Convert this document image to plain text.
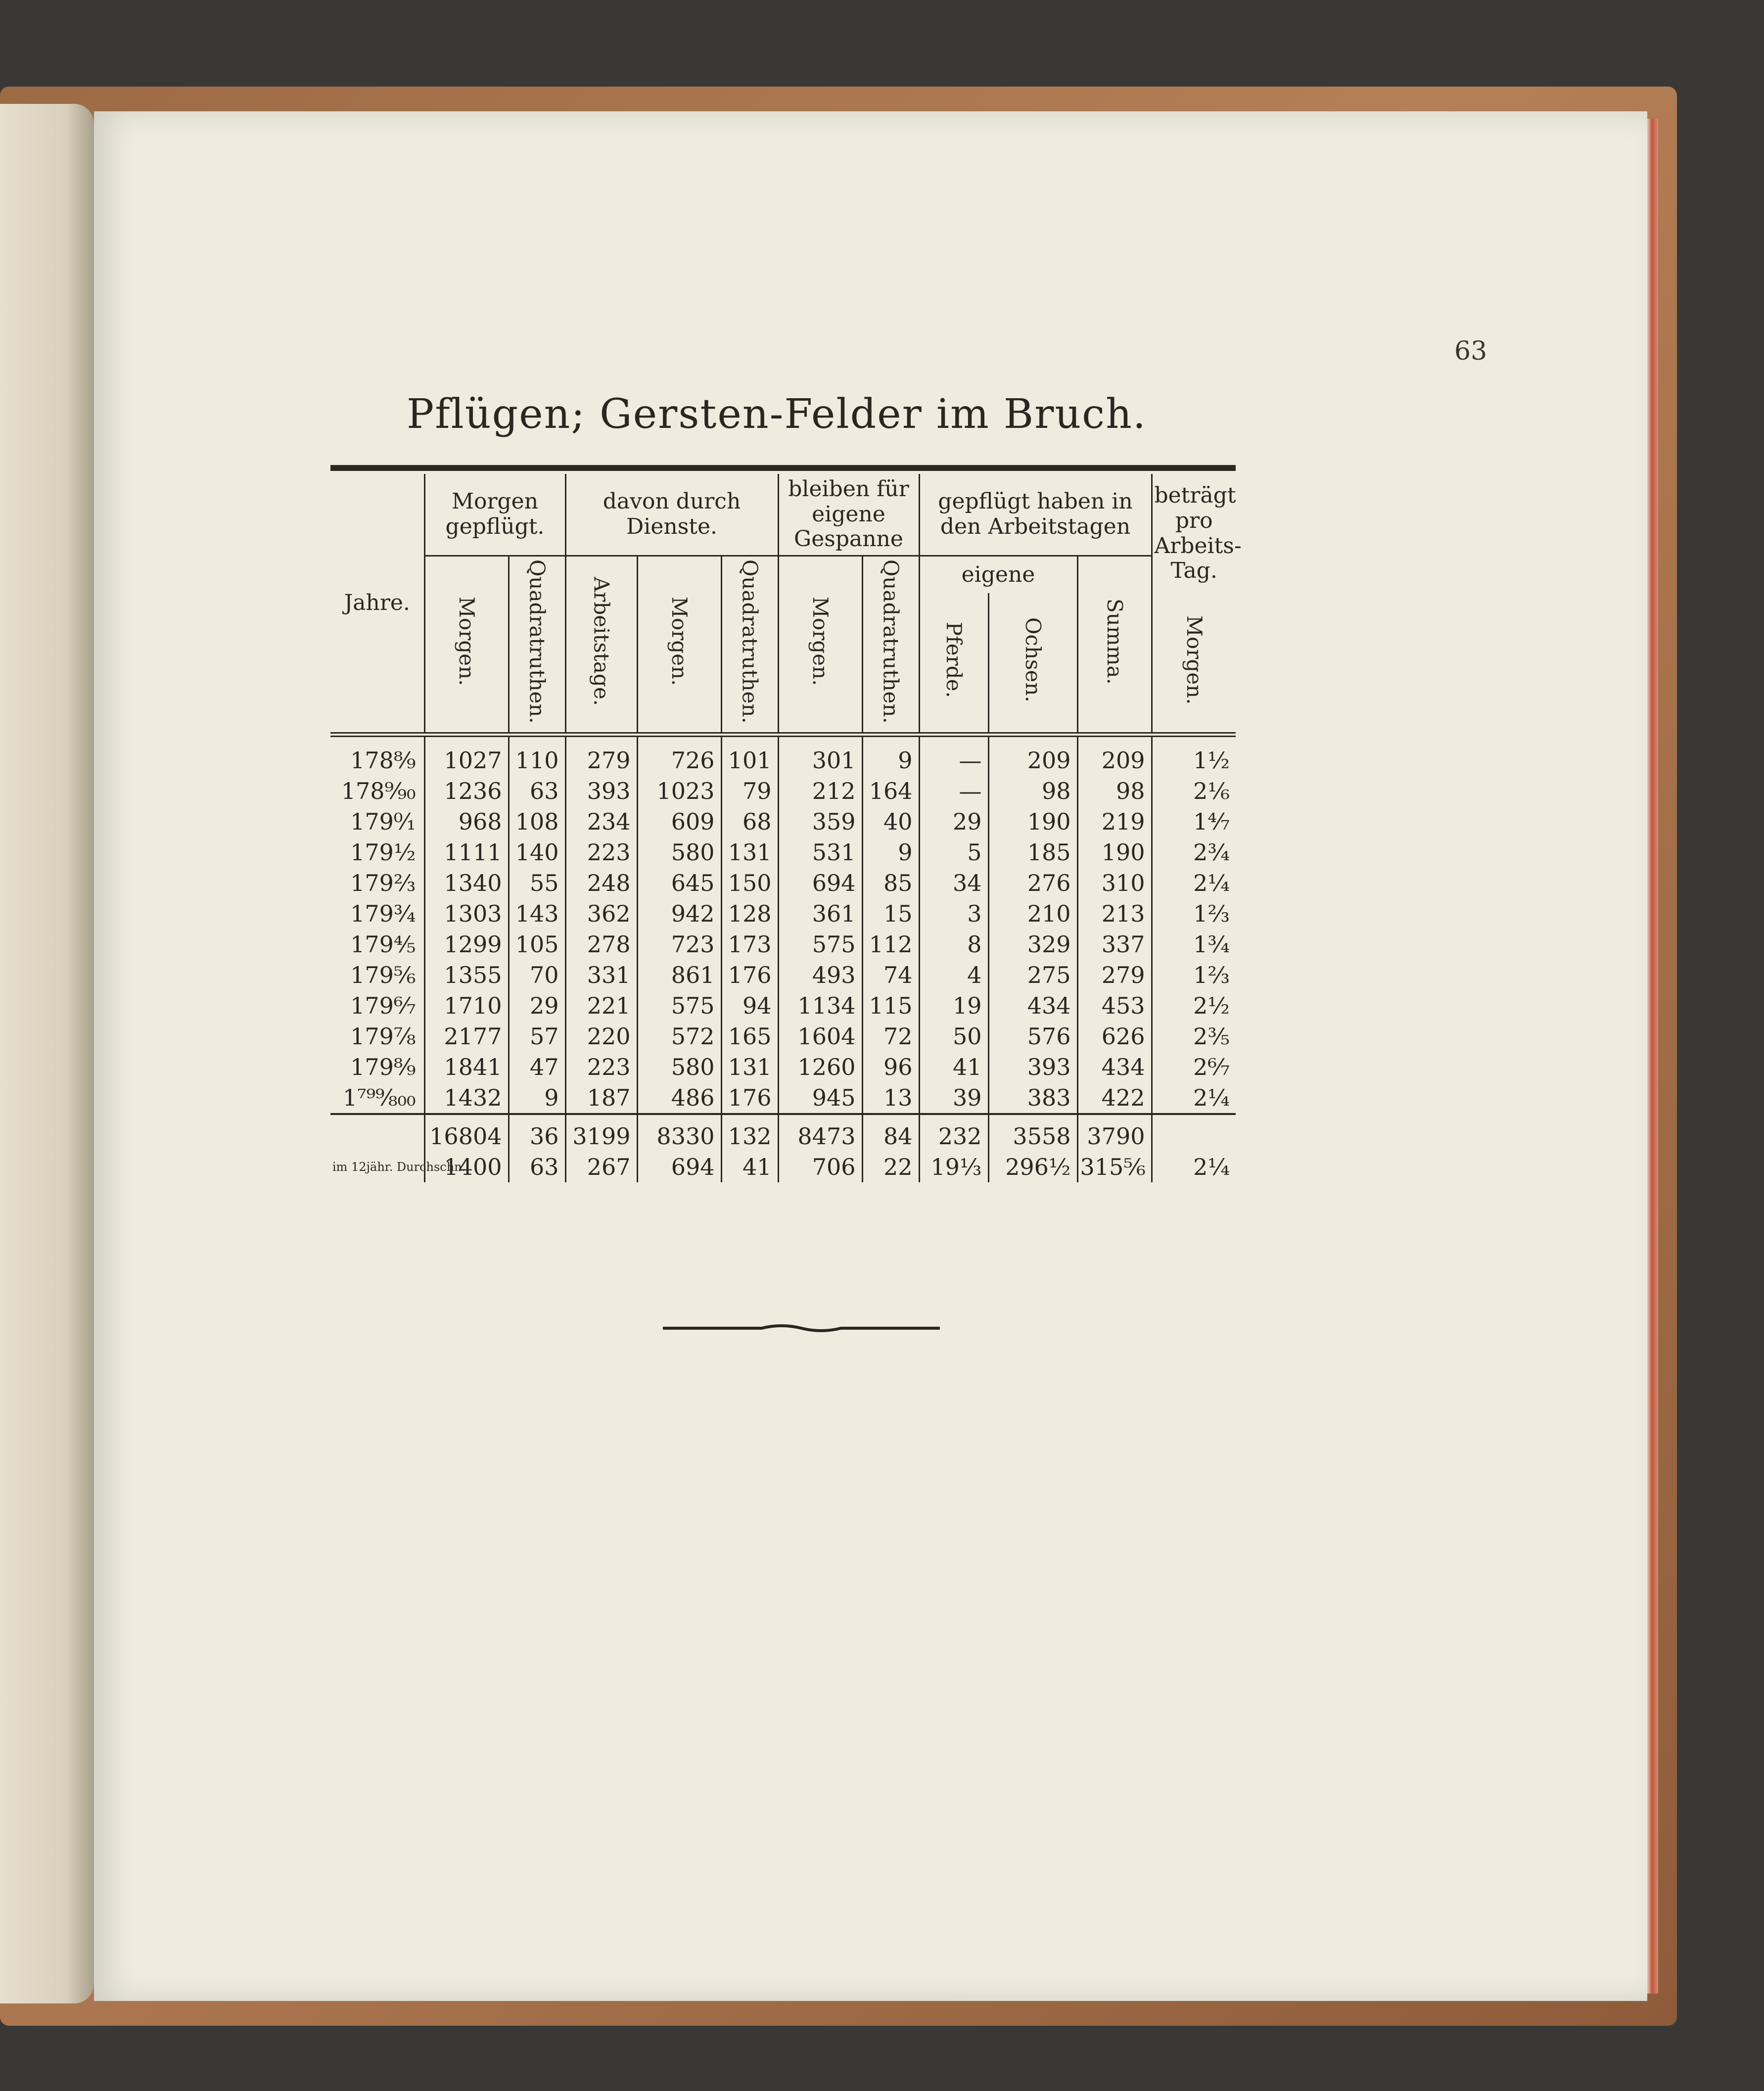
63
Pflügen; Gersten-Felder im Bruch.
Jahre.	Morgen gepflügt.		davon durch Dienste.			bleiben für eigene Gespanne		gepflügt haben in den Arbeitstagen			beträgt pro Arbeits-Tag.
	Morgen.	Quadratruthen.	Arbeitstage.	Morgen.	Quadratruthen.	Morgen.	Quadratruthen.	eigene		Summa.	
								Pferde.	Ochsen.		Morgen.
178⁸⁄₉	1027	110	279	726	101	301	9	—	209	209	1½
178⁹⁄₉₀	1236	63	393	1023	79	212	164	—	98	98	2⅙
179⁰⁄₁	968	108	234	609	68	359	40	29	190	219	1⁴⁄₇
179½	1111	140	223	580	131	531	9	5	185	190	2¾
179⅔	1340	55	248	645	150	694	85	34	276	310	2¼
179¾	1303	143	362	942	128	361	15	3	210	213	1⅔
179⅘	1299	105	278	723	173	575	112	8	329	337	1¾
179⅚	1355	70	331	861	176	493	74	4	275	279	1⅔
179⁶⁄₇	1710	29	221	575	94	1134	115	19	434	453	2½
179⁷⁄₈	2177	57	220	572	165	1604	72	50	576	626	2⅗
179⁸⁄₉	1841	47	223	580	131	1260	96	41	393	434	2⁶⁄₇
1⁷⁹⁹⁄₈₀₀	1432	9	187	486	176	945	13	39	383	422	2¼
	16804	36	3199	8330	132	8473	84	232	3558	3790	
im 12jähr. Durchschn.	1400	63	267	694	41	706	22	19⅓	296½	315⅚	2¼
